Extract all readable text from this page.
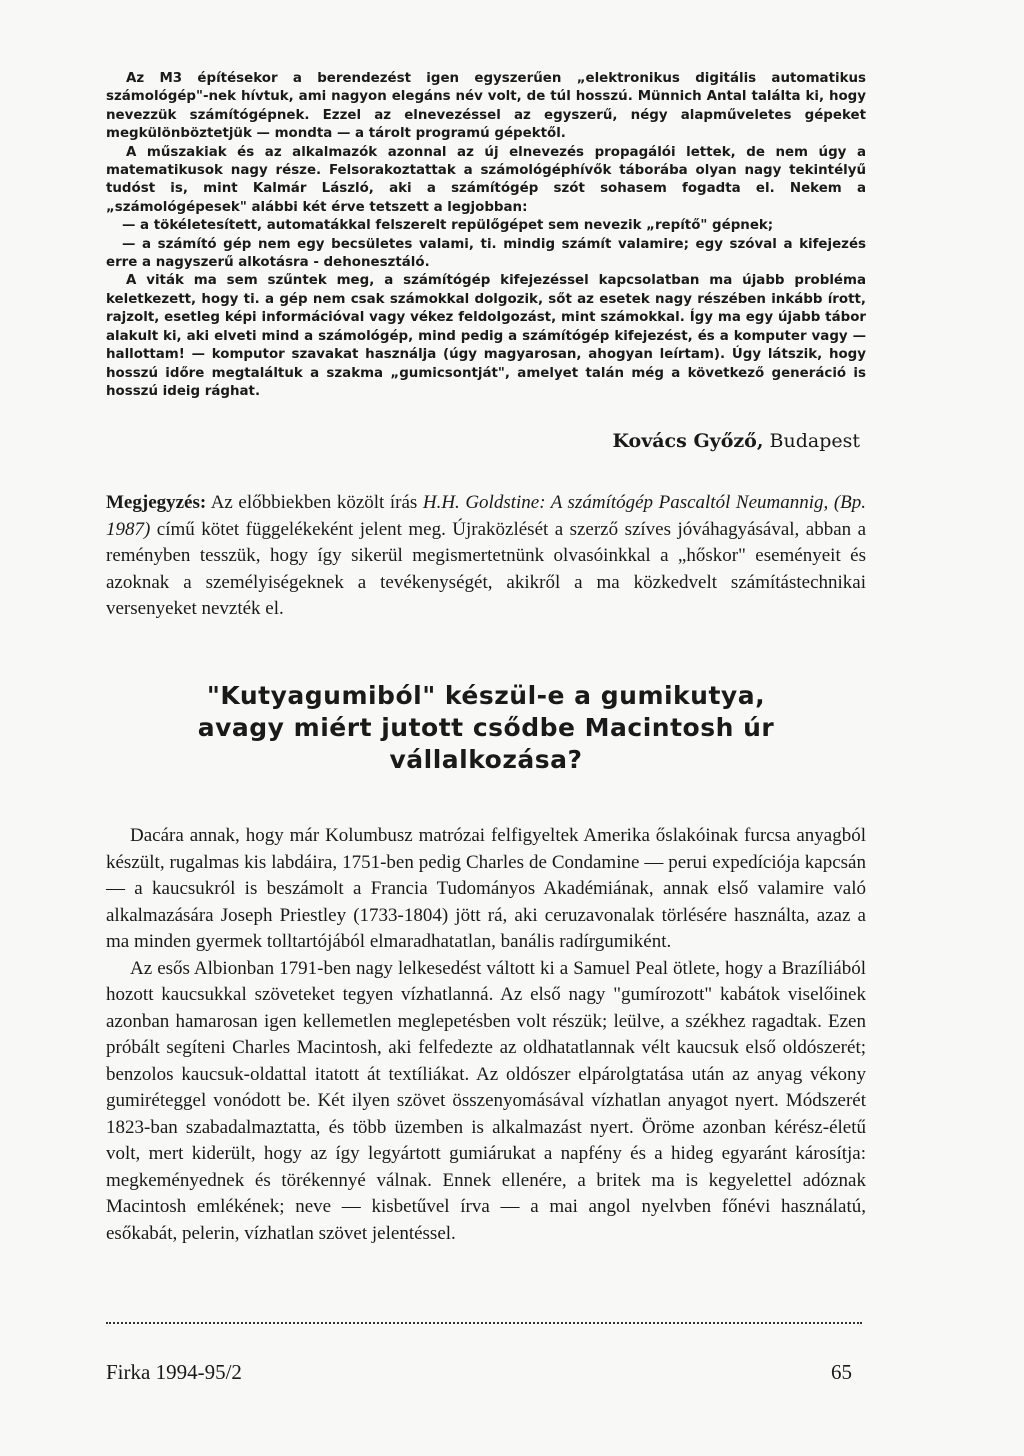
Az M3 építésekor a berendezést igen egyszerűen „elektronikus digitális automatikus számológép"-nek hívtuk, ami nagyon elegáns név volt, de túl hosszú. Münnich Antal találta ki, hogy nevezzük számítógépnek. Ezzel az elnevezéssel az egyszerű, négy alapműveletes gépeket megkülönböztetjük — mondta — a tárolt programú gépektől.

A műszakiak és az alkalmazók azonnal az új elnevezés propagálói lettek, de nem úgy a matematikusok nagy része. Felsorakoztattak a számológéphívők táborába olyan nagy tekintélyű tudóst is, mint Kalmár László, aki a számítógép szót sohasem fogadta el. Nekem a „számológépesek" alábbi két érve tetszett a legjobban:

— a tökéletesített, automatákkal felszerelt repülőgépet sem nevezik „repítő" gépnek;

— a számító gép nem egy becsületes valami, ti. mindig számít valamire; egy szóval a kifejezés erre a nagyszerű alkotásra - dehonesztáló.

A viták ma sem szűntek meg, a számítógép kifejezéssel kapcsolatban ma újabb probléma keletkezett, hogy ti. a gép nem csak számokkal dolgozik, sőt az esetek nagy részében inkább írott, rajzolt, esetleg képi információval vagy vékez feldolgozást, mint számokkal. Így ma egy újabb tábor alakult ki, aki elveti mind a számológép, mind pedig a számítógép kifejezést, és a komputer vagy — hallottam! — komputor szavakat használja (úgy magyarosan, ahogyan leírtam). Úgy látszik, hogy hosszú időre megtaláltuk a szakma „gumicsontját", amelyet talán még a következő generáció is hosszú ideig rághat.

Kovács Győző, Budapest
Megjegyzés: Az előbbiekben közölt írás H.H. Goldstine: A számítógép Pascaltól Neumannig, (Bp. 1987) című kötet függelékeként jelent meg. Újraközlését a szerző szíves jóváhagyásával, abban a reményben tesszük, hogy így sikerül megismertetnünk olvasóinkkal a „hőskor" eseményeit és azoknak a személyiségeknek a tevékenységét, akikről a ma közkedvelt számítástechnikai versenyeket nevzték el.
"Kutyagumiból" készül-e a gumikutya,
avagy miért jutott csődbe Macintosh úr
vállalkozása?

Dacára annak, hogy már Kolumbusz matrózai felfigyeltek Amerika őslakóinak furcsa anyagból készült, rugalmas kis labdáira, 1751-ben pedig Charles de Condamine — perui expedíciója kapcsán — a kaucsukról is beszámolt a Francia Tudományos Akadémiának, annak első valamire való alkalmazására Joseph Priestley (1733-1804) jött rá, aki ceruzavonalak törlésére használta, azaz a ma minden gyermek tolltartójából elmaradhatatlan, banális radírgumiként.

Az esős Albionban 1791-ben nagy lelkesedést váltott ki a Samuel Peal ötlete, hogy a Brazíliából hozott kaucsukkal szöveteket tegyen vízhatlanná. Az első nagy "gumírozott" kabátok viselőinek azonban hamarosan igen kellemetlen meglepetésben volt részük; leülve, a székhez ragadtak. Ezen próbált segíteni Charles Macintosh, aki felfedezte az oldhatatlannak vélt kaucsuk első oldószerét; benzolos kaucsuk-oldattal itatott át textíliákat. Az oldószer elpárolgtatása után az anyag vékony gumiréteggel vonódott be. Két ilyen szövet összenyomásával vízhatlan anyagot nyert. Módszerét 1823-ban szabadalmaztatta, és több üzemben is alkalmazást nyert. Öröme azonban kérész-életű volt, mert kiderült, hogy az így legyártott gumiárukat a napfény és a hideg egyaránt károsítja: megkeményednek és törékennyé válnak. Ennek ellenére, a britek ma is kegyelettel adóznak Macintosh emlékének; neve — kisbetűvel írva — a mai angol nyelvben főnévi használatú, esőkabát, pelerin, vízhatlan szövet jelentéssel.

Firka 1994-95/2	65
